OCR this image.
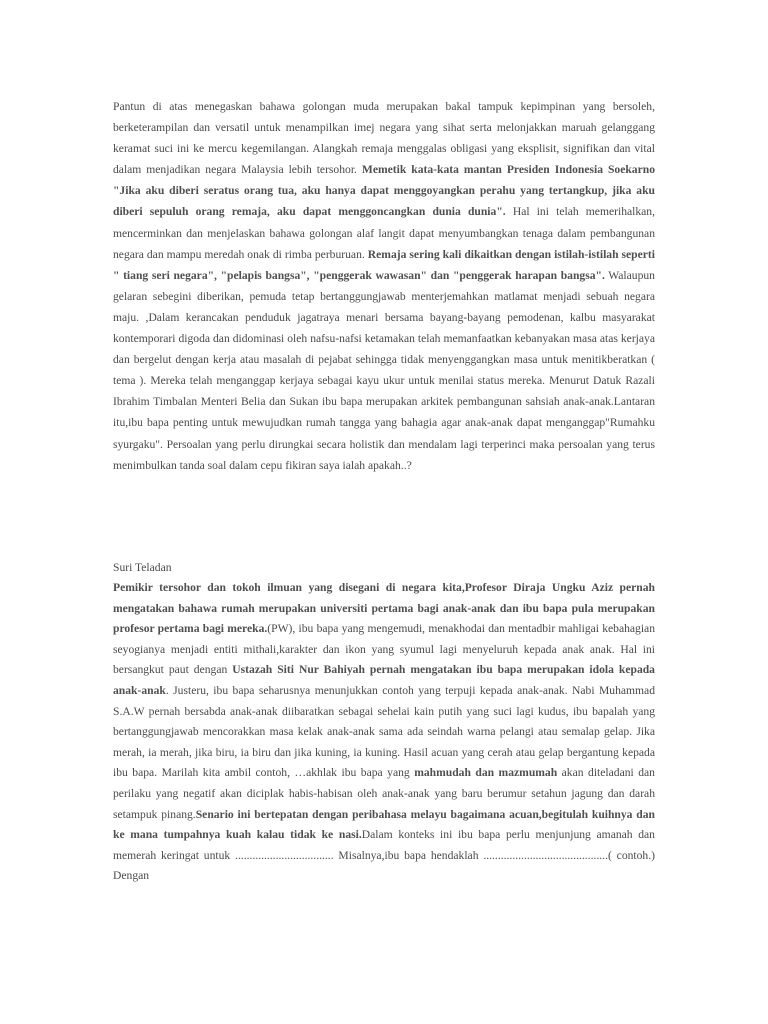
Pantun di atas menegaskan bahawa golongan muda merupakan bakal tampuk kepimpinan yang bersoleh, berketerampilan dan versatil untuk menampilkan imej negara yang sihat serta melonjakkan maruah gelanggang keramat suci ini ke mercu kegemilangan. Alangkah remaja menggalas obligasi yang eksplisit, signifikan dan vital dalam menjadikan negara Malaysia lebih tersohor. Memetik kata-kata mantan Presiden Indonesia Soekarno "Jika aku diberi seratus orang tua, aku hanya dapat menggoyangkan perahu yang tertangkup, jika aku diberi sepuluh orang remaja, aku dapat menggoncangkan dunia dunia". Hal ini telah memerihalkan, mencerminkan dan menjelaskan bahawa golongan alaf langit dapat menyumbangkan tenaga dalam pembangunan negara dan mampu meredah onak di rimba perburuan. Remaja sering kali dikaitkan dengan istilah-istilah seperti " tiang seri negara", "pelapis bangsa", "penggerak wawasan" dan "penggerak harapan bangsa". Walaupun gelaran sebegini diberikan, pemuda tetap bertanggungjawab menterjemahkan matlamat menjadi sebuah negara maju. ,Dalam kerancakan penduduk jagatraya menari bersama bayang-bayang pemodenan, kalbu masyarakat kontemporari digoda dan didominasi oleh nafsu-nafsi ketamakan telah memanfaatkan kebanyakan masa atas kerjaya dan bergelut dengan kerja atau masalah di pejabat sehingga tidak menyenggangkan masa untuk menitikberatkan ( tema ). Mereka telah menganggap kerjaya sebagai kayu ukur untuk menilai status mereka. Menurut Datuk Razali Ibrahim Timbalan Menteri Belia dan Sukan ibu bapa merupakan arkitek pembangunan sahsiah anak-anak.Lantaran itu,ibu bapa penting untuk mewujudkan rumah tangga yang bahagia agar anak-anak dapat menganggap"Rumahku syurgaku". Persoalan yang perlu dirungkai secara holistik dan mendalam lagi terperinci maka persoalan yang terus menimbulkan tanda soal dalam cepu fikiran saya ialah apakah..?

Suri Teladan

Pemikir tersohor dan tokoh ilmuan yang disegani di negara kita,Profesor Diraja Ungku Aziz pernah mengatakan bahawa rumah merupakan universiti pertama bagi anak-anak dan ibu bapa pula merupakan profesor pertama bagi mereka.(PW), ibu bapa yang mengemudi, menakhodai dan mentadbir mahligai kebahagian seyogianya menjadi entiti mithali,karakter dan ikon yang syumul lagi menyeluruh kepada anak anak. Hal ini bersangkut paut dengan Ustazah Siti Nur Bahiyah pernah mengatakan ibu bapa merupakan idola kepada anak-anak. Justeru, ibu bapa seharusnya menunjukkan contoh yang terpuji kepada anak-anak. Nabi Muhammad S.A.W pernah bersabda anak-anak diibaratkan sebagai sehelai kain putih yang suci lagi kudus, ibu bapalah yang bertanggungjawab mencorakkan masa kelak anak-anak sama ada seindah warna pelangi atau semalap gelap. Jika merah, ia merah, jika biru, ia biru dan jika kuning, ia kuning. Hasil acuan yang cerah atau gelap bergantung kepada ibu bapa. Marilah kita ambil contoh, …akhlak ibu bapa yang mahmudah dan mazmumah akan diteladani dan perilaku yang negatif akan diciplak habis-habisan oleh anak-anak yang baru berumur setahun jagung dan darah setampuk pinang.Senario ini bertepatan dengan peribahasa melayu bagaimana acuan,begitulah kuihnya dan ke mana tumpahnya kuah kalau tidak ke nasi.Dalam konteks ini ibu bapa perlu menjunjung amanah dan memerah keringat untuk .................................. Misalnya,ibu bapa hendaklah ...........................................( contoh.) Dengan
